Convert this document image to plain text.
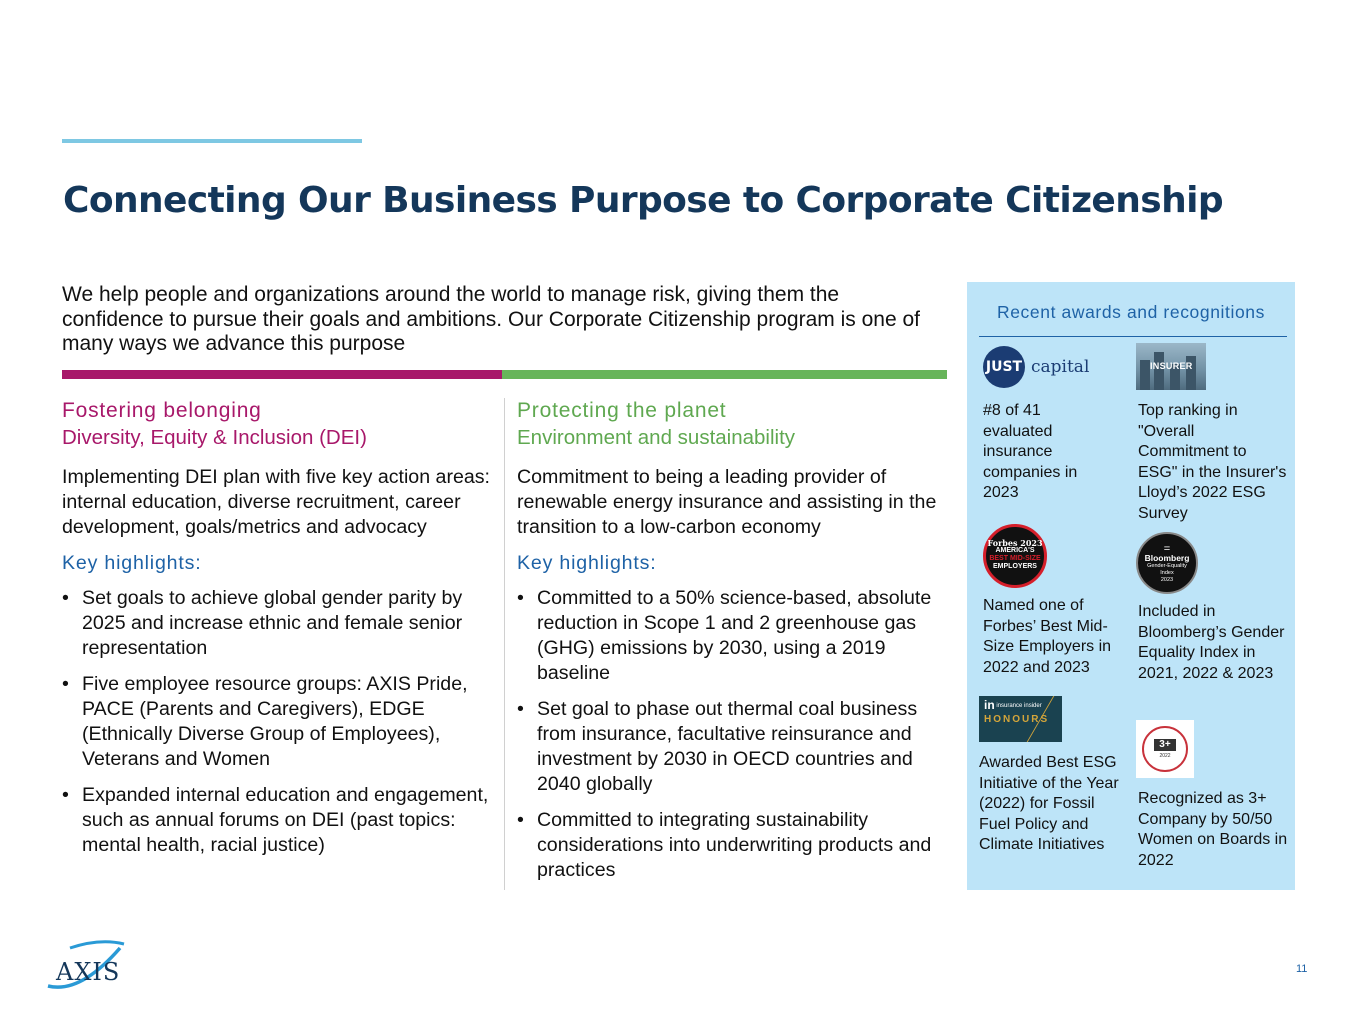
Connecting Our Business Purpose to Corporate Citizenship

We help people and organizations around the world to manage risk, giving them the confidence to pursue their goals and ambitions. Our Corporate Citizenship program is one of many ways we advance this purpose

Fostering belonging
Diversity, Equity & Inclusion (DEI)

Implementing DEI plan with five key action areas: internal education, diverse recruitment, career development, goals/metrics and advocacy

Key highlights:
• Set goals to achieve global gender parity by 2025 and increase ethnic and female senior representation
• Five employee resource groups: AXIS Pride, PACE (Parents and Caregivers), EDGE (Ethnically Diverse Group of Employees), Veterans and Women
• Expanded internal education and engagement, such as annual forums on DEI (past topics: mental health, racial justice)
Protecting the planet
Environment and sustainability

Commitment to being a leading provider of renewable energy insurance and assisting in the transition to a low-carbon economy

Key highlights:
• Committed to a 50% science-based, absolute reduction in Scope 1 and 2 greenhouse gas (GHG) emissions by 2030, using a 2019 baseline
• Set goal to phase out thermal coal business from insurance, facultative reinsurance and investment by 2030 in OECD countries and 2040 globally
• Committed to integrating sustainability considerations into underwriting products and practices
Recent awards and recognitions
JUST capital
#8 of 41 evaluated insurance companies in 2023
INSURER
Top ranking in "Overall Commitment to ESG" in the Insurer's Lloyd’s 2022 ESG Survey
Forbes 2023
AMERICA'S
BEST MID-SIZE
EMPLOYERS
Named one of Forbes’ Best Mid-Size Employers in 2022 and 2023
=
Bloomberg
Gender-Equality
Index
2023
Included in Bloomberg’s Gender Equality Index in 2021, 2022 & 2023
in insurance insider
HONOURS
Awarded Best ESG Initiative of the Year (2022) for Fossil Fuel Policy and Climate Initiatives
3+
2022
Recognized as 3+ Company by 50/50 Women on Boards in 2022
AXIS	11
